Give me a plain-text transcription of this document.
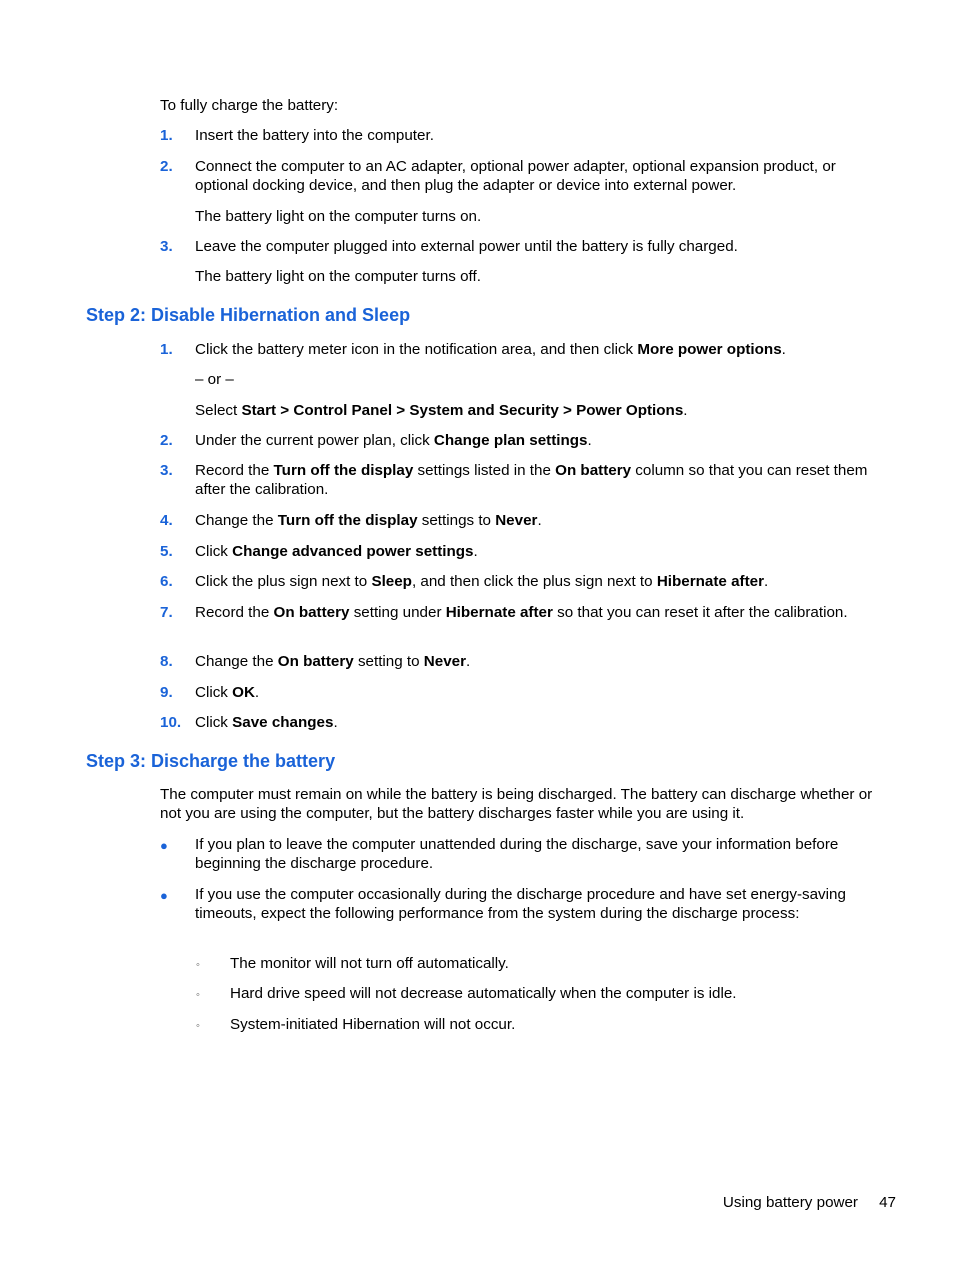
To fully charge the battery:
1. Insert the battery into the computer.
2. Connect the computer to an AC adapter, optional power adapter, optional expansion product, or optional docking device, and then plug the adapter or device into external power.
The battery light on the computer turns on.
3. Leave the computer plugged into external power until the battery is fully charged.
The battery light on the computer turns off.
Step 2: Disable Hibernation and Sleep
1. Click the battery meter icon in the notification area, and then click More power options.
– or –
Select Start > Control Panel > System and Security > Power Options.
2. Under the current power plan, click Change plan settings.
3. Record the Turn off the display settings listed in the On battery column so that you can reset them after the calibration.
4. Change the Turn off the display settings to Never.
5. Click Change advanced power settings.
6. Click the plus sign next to Sleep, and then click the plus sign next to Hibernate after.
7. Record the On battery setting under Hibernate after so that you can reset it after the calibration.
8. Change the On battery setting to Never.
9. Click OK.
10. Click Save changes.
Step 3: Discharge the battery
The computer must remain on while the battery is being discharged. The battery can discharge whether or not you are using the computer, but the battery discharges faster while you are using it.
● If you plan to leave the computer unattended during the discharge, save your information before beginning the discharge procedure.
● If you use the computer occasionally during the discharge procedure and have set energy-saving timeouts, expect the following performance from the system during the discharge process:
◦ The monitor will not turn off automatically.
◦ Hard drive speed will not decrease automatically when the computer is idle.
◦ System-initiated Hibernation will not occur.
Using battery power 47
